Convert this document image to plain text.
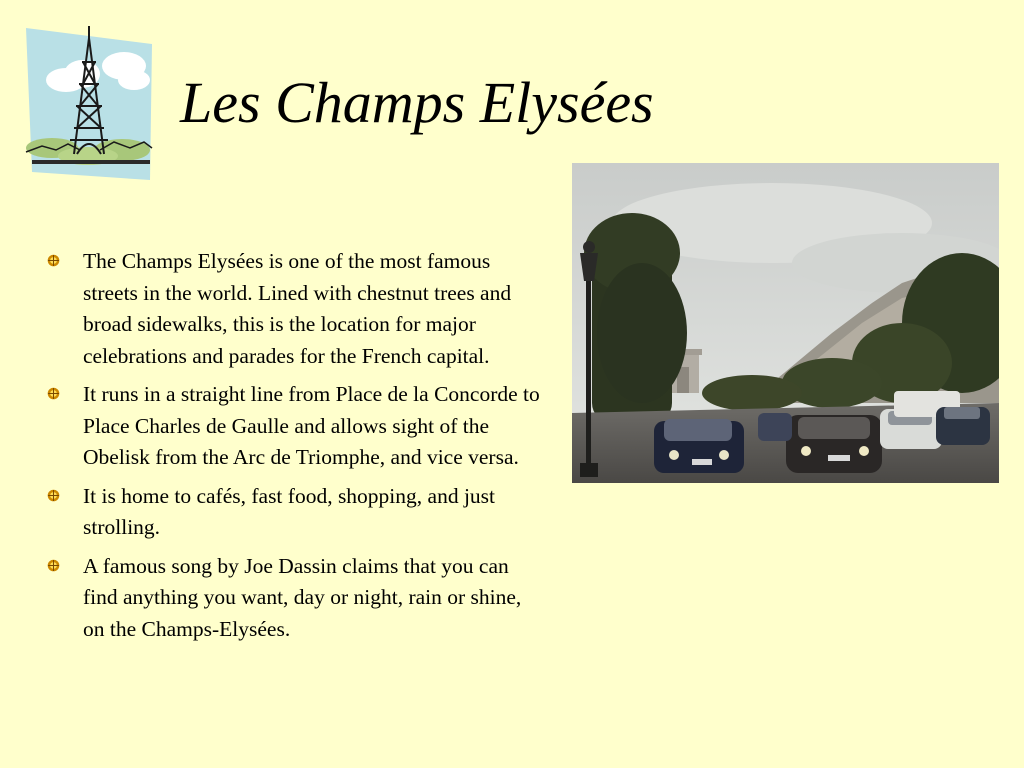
Les Champs Elysées
The Champs Elysées is one of the most famous streets in the world. Lined with chestnut trees and broad sidewalks, this is the location for major celebrations and parades for the French capital.
It runs in a straight line from Place de la Concorde to Place Charles de Gaulle and allows sight of the Obelisk from the Arc de Triomphe, and vice versa.
It is home to cafés, fast food, shopping, and just strolling.
A famous song by Joe Dassin claims that you can find anything you want, day or night, rain or shine, on the Champs-Elysées.
